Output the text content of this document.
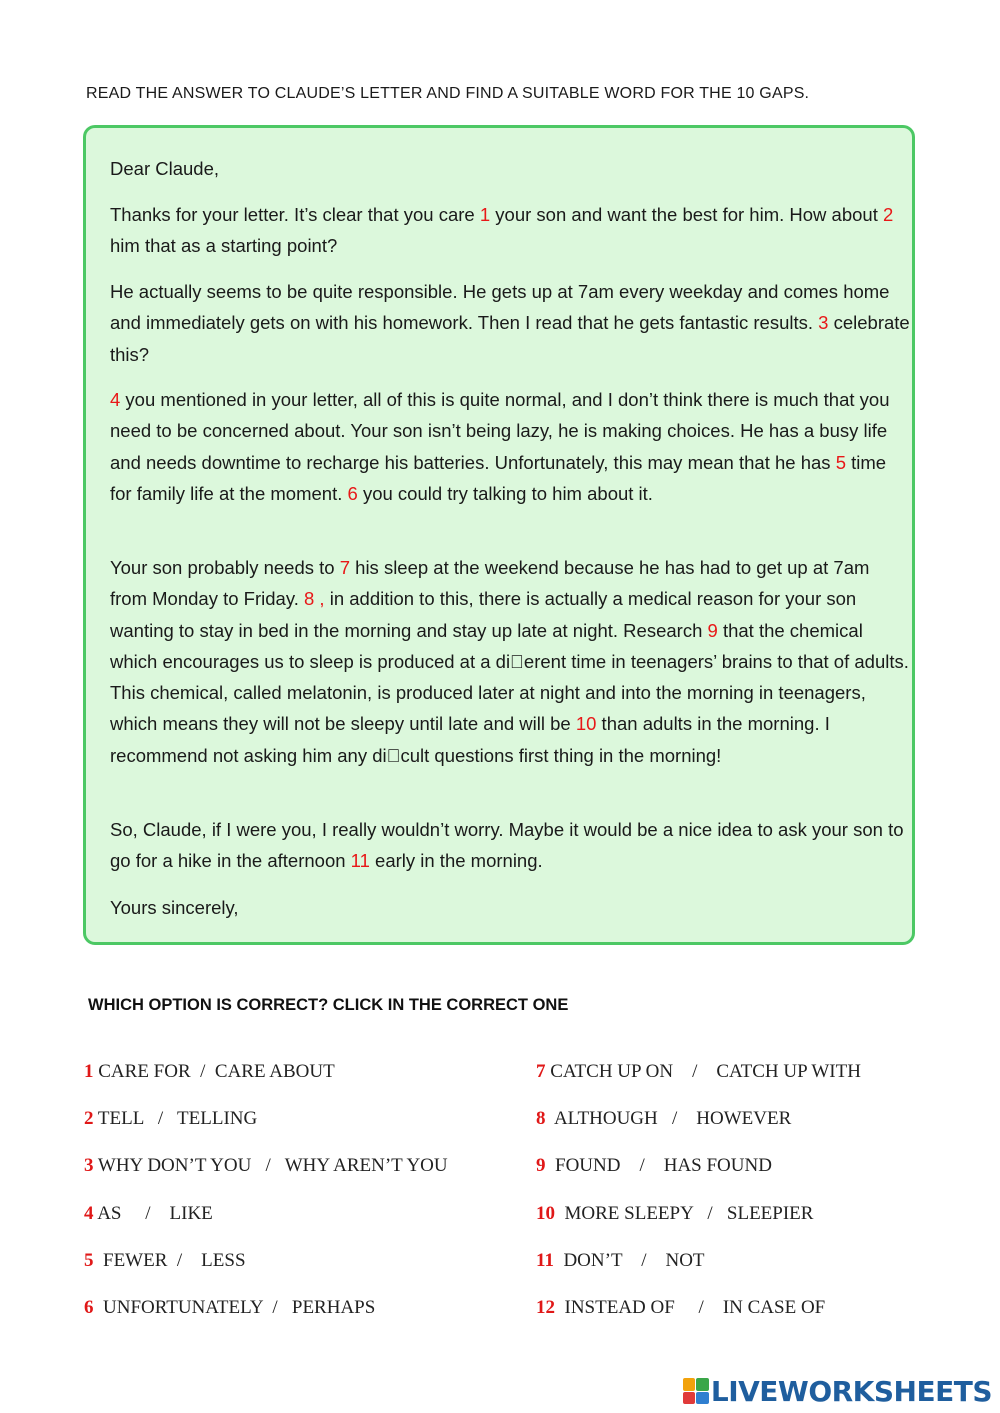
READ THE ANSWER TO CLAUDE’S LETTER AND FIND A SUITABLE WORD FOR THE 10 GAPS.

Dear Claude,

Thanks for your letter. It’s clear that you care 1 your son and want the best for him. How about 2 him that as a starting point?

He actually seems to be quite responsible. He gets up at 7am every weekday and comes home and immediately gets on with his homework. Then I read that he gets fantastic results. 3 celebrate this?

4 you mentioned in your letter, all of this is quite normal, and I don’t think there is much that you need to be concerned about. Your son isn’t being lazy, he is making choices. He has a busy life and needs downtime to recharge his batteries. Unfortunately, this may mean that he has 5 time for family life at the moment. 6 you could try talking to him about it.

Your son probably needs to 7 his sleep at the weekend because he has had to get up at 7am from Monday to Friday. 8 , in addition to this, there is actually a medical reason for your son wanting to stay in bed in the morning and stay up late at night. Research 9 that the chemical which encourages us to sleep is produced at a di erent time in teenagers’ brains to that of adults. This chemical, called melatonin, is produced later at night and into the morning in teenagers, which means they will not be sleepy until late and will be 10 than adults in the morning. I recommend not asking him any di cult questions first thing in the morning!

So, Claude, if I were you, I really wouldn’t worry. Maybe it would be a nice idea to ask your son to go for a hike in the afternoon 11 early in the morning.

Yours sincerely,

WHICH OPTION IS CORRECT? CLICK IN THE CORRECT ONE
1 CARE FOR  /  CARE ABOUT
2 TELL   /   TELLING
3 WHY DON’T YOU   /   WHY AREN’T YOU
4 AS     /    LIKE
5  FEWER  /    LESS
6  UNFORTUNATELY  /   PERHAPS
7 CATCH UP ON    /    CATCH UP WITH
8  ALTHOUGH   /    HOWEVER
9  FOUND    /    HAS FOUND
10  MORE SLEEPY   /   SLEEPIER
11  DON’T    /    NOT
12  INSTEAD OF     /    IN CASE OF
LIVEWORKSHEETS
